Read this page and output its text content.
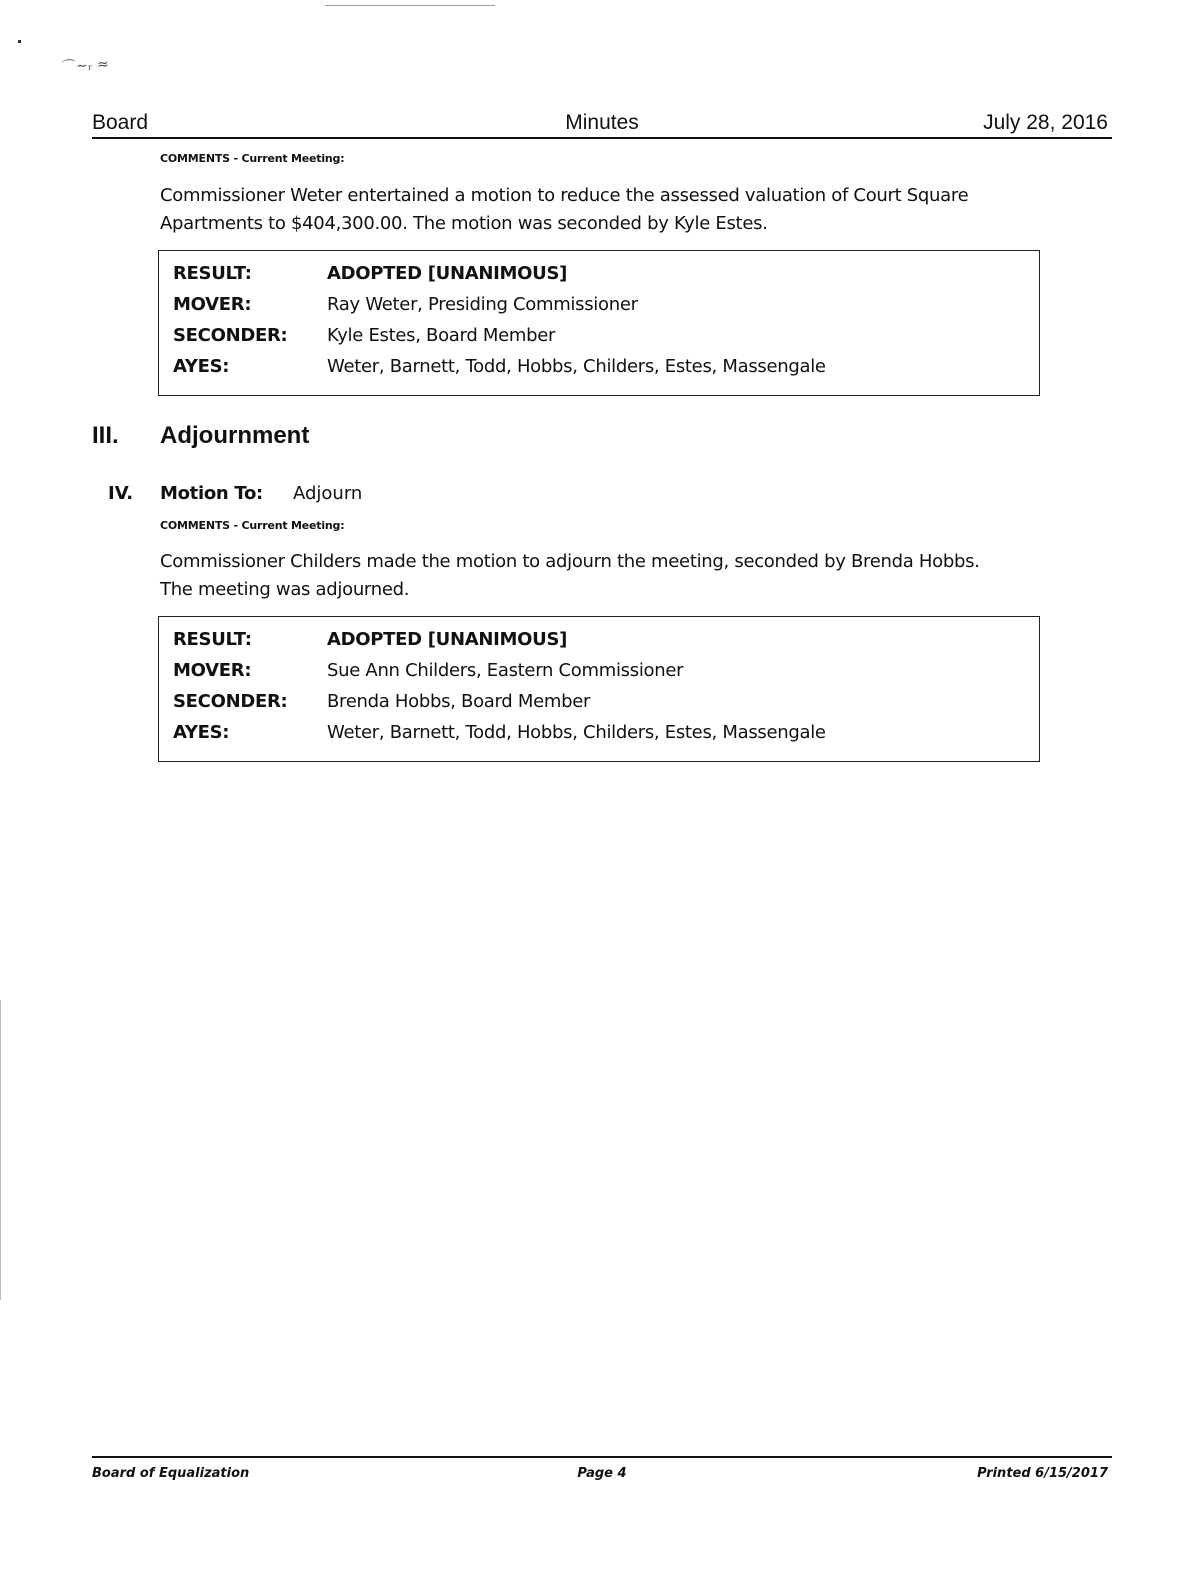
⌒~ᵣ ≈
Board	Minutes	July 28, 2016
COMMENTS - Current Meeting:
Commissioner Weter entertained a motion to reduce the assessed valuation of Court Square
Apartments to $404,300.00. The motion was seconded by Kyle Estes.
RESULT:	ADOPTED [UNANIMOUS]
MOVER:	Ray Weter, Presiding Commissioner
SECONDER: Kyle Estes, Board Member
AYES:	Weter, Barnett, Todd, Hobbs, Childers, Estes, Massengale
III. Adjournment
IV. Motion To: Adjourn
COMMENTS - Current Meeting:
Commissioner Childers made the motion to adjourn the meeting, seconded by Brenda Hobbs.
The meeting was adjourned.
RESULT:	ADOPTED [UNANIMOUS]
MOVER:	Sue Ann Childers, Eastern Commissioner
SECONDER: Brenda Hobbs, Board Member
AYES:	Weter, Barnett, Todd, Hobbs, Childers, Estes, Massengale
Board of Equalization	Page 4	Printed 6/15/2017
